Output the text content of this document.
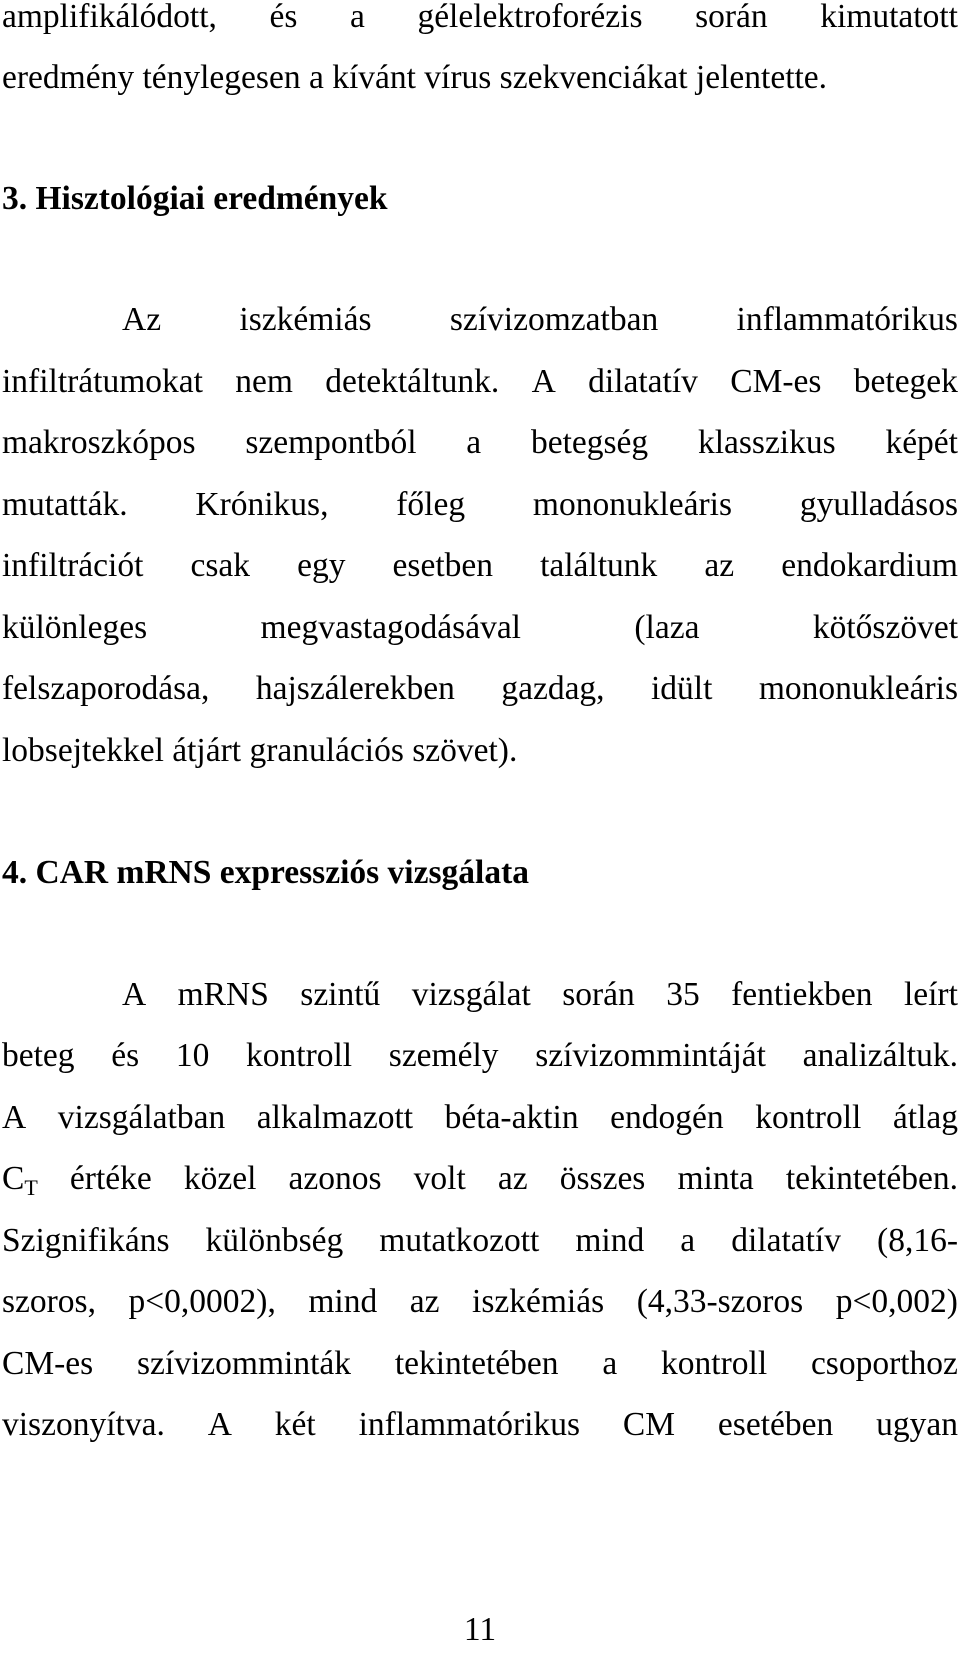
amplifikálódott, és a gélelektroforézis során kimutatott
eredmény ténylegesen a kívánt vírus szekvenciákat jelentette.
3. Hisztológiai eredmények
Az iszkémiás szívizomzatban inflammatórikus
infiltrátumokat nem detektáltunk. A dilatatív CM-es betegek
makroszkópos szempontból a betegség klasszikus képét
mutatták. Krónikus, főleg mononukleáris gyulladásos
infiltrációt csak egy esetben találtunk az endokardium
különleges	megvastagodásával	(laza	kötőszövet
felszaporodása, hajszálerekben gazdag, idült mononukleáris
lobsejtekkel átjárt granulációs szövet).
4. CAR mRNS expressziós vizsgálata
A mRNS szintű vizsgálat során 35 fentiekben leírt
beteg és 10 kontroll személy szívizommintáját analizáltuk.
A vizsgálatban alkalmazott béta-aktin endogén kontroll átlag
$C_T$ értéke közel azonos volt az összes minta tekintetében.
Szignifikáns különbség mutatkozott mind a dilatatív (8,16-
szoros, p<0,0002), mind az iszkémiás (4,33-szoros p<0,002)
CM-es szívizomminták tekintetében a kontroll csoporthoz
viszonyítva. A két inflammatórikus CM esetében ugyan
11
